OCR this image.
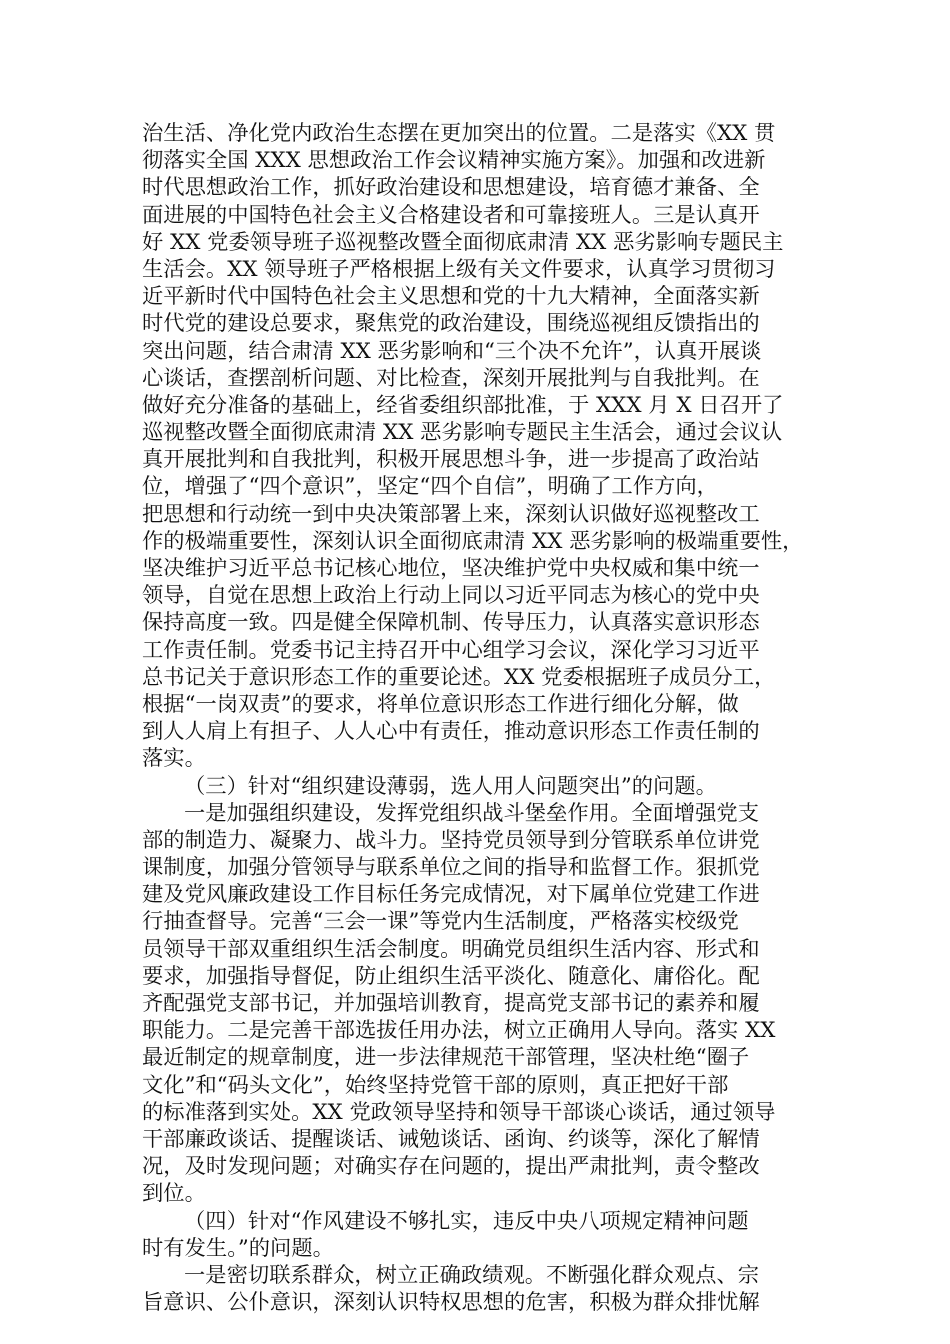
治生活、净化党内政治生态摆在更加突出的位置。二是落实《XX 贯
彻落实全国 XXX 思想政治工作会议精神实施方案》。加强和改进新
时代思想政治工作，抓好政治建设和思想建设，培育德才兼备、全
面进展的中国特色社会主义合格建设者和可靠接班人。三是认真开
好 XX 党委领导班子巡视整改暨全面彻底肃清 XX 恶劣影响专题民主
生活会。XX 领导班子严格根据上级有关文件要求，认真学习贯彻习
近平新时代中国特色社会主义思想和党的十九大精神，全面落实新
时代党的建设总要求，聚焦党的政治建设，围绕巡视组反馈指出的
突出问题，结合肃清 XX 恶劣影响和“三个决不允许”，认真开展谈
心谈话，查摆剖析问题、对比检查，深刻开展批判与自我批判。在
做好充分准备的基础上，经省委组织部批准，于 XXX 月 X 日召开了
巡视整改暨全面彻底肃清 XX 恶劣影响专题民主生活会，通过会议认
真开展批判和自我批判，积极开展思想斗争，进一步提高了政治站
位，增强了“四个意识”，坚定“四个自信”，明确了工作方向，
把思想和行动统一到中央决策部署上来，深刻认识做好巡视整改工
作的极端重要性，深刻认识全面彻底肃清 XX 恶劣影响的极端重要性，
坚决维护习近平总书记核心地位，坚决维护党中央权威和集中统一
领导，自觉在思想上政治上行动上同以习近平同志为核心的党中央
保持高度一致。四是健全保障机制、传导压力，认真落实意识形态
工作责任制。党委书记主持召开中心组学习会议，深化学习习近平
总书记关于意识形态工作的重要论述。XX 党委根据班子成员分工，
根据“一岗双责”的要求，将单位意识形态工作进行细化分解，做
到人人肩上有担子、人人心中有责任，推动意识形态工作责任制的
落实。
（三）针对“组织建设薄弱，选人用人问题突出”的问题。
一是加强组织建设，发挥党组织战斗堡垒作用。全面增强党支
部的制造力、凝聚力、战斗力。坚持党员领导到分管联系单位讲党
课制度，加强分管领导与联系单位之间的指导和监督工作。狠抓党
建及党风廉政建设工作目标任务完成情况，对下属单位党建工作进
行抽查督导。完善“三会一课”等党内生活制度，严格落实校级党
员领导干部双重组织生活会制度。明确党员组织生活内容、形式和
要求，加强指导督促，防止组织生活平淡化、随意化、庸俗化。配
齐配强党支部书记，并加强培训教育，提高党支部书记的素养和履
职能力。二是完善干部选拔任用办法，树立正确用人导向。落实 XX
最近制定的规章制度，进一步法律规范干部管理，坚决杜绝“圈子
文化”和“码头文化”，始终坚持党管干部的原则，真正把好干部
的标准落到实处。XX 党政领导坚持和领导干部谈心谈话，通过领导
干部廉政谈话、提醒谈话、诫勉谈话、函询、约谈等，深化了解情
况，及时发现问题；对确实存在问题的，提出严肃批判，责令整改
到位。
（四）针对“作风建设不够扎实，违反中央八项规定精神问题
时有发生。”的问题。
一是密切联系群众，树立正确政绩观。不断强化群众观点、宗
旨意识、公仆意识，深刻认识特权思想的危害，积极为群众排忧解
